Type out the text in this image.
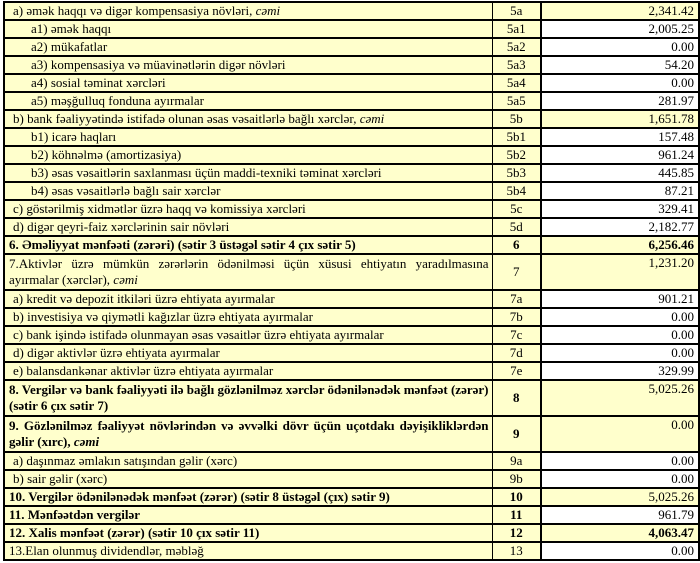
a) əmək haqqı və digər kompensasiya növləri, cəmi	5a	2,341.42
a1) əmək haqqı	5a1	2,005.25
a2) mükafatlar	5a2	0.00
a3) kompensasiya və müavinətlərin digər növləri	5a3	54.20
a4) sosial təminat xərcləri	5a4	0.00
a5) məşğulluq fonduna ayırmalar	5a5	281.97
b) bank fəaliyyətində istifadə olunan əsas vəsaitlərlə bağlı xərclər, cəmi	5b	1,651.78
b1) icarə haqları	5b1	157.48
b2) köhnəlmə (amortizasiya)	5b2	961.24
b3) əsas vəsaitlərin saxlanması üçün maddi-texniki təminat xərcləri	5b3	445.85
b4) əsas vəsaitlərlə bağlı sair xərclər	5b4	87.21
c) göstərilmiş xidmətlər üzrə haqq və komissiya xərcləri	5c	329.41
d) digər qeyri-faiz xərclərinin sair növləri	5d	2,182.77
6. Əməliyyat mənfəəti (zərəri) (sətir 3 üstəgəl sətir 4 çıx sətir 5)	6	6,256.46
7.Aktivlər üzrə mümkün zərərlərin ödənilməsi üçün xüsusi ehtiyatın yaradılmasına ayırmalar (xərclər), cəmi	7	1,231.20
a) kredit və depozit itkiləri üzrə ehtiyata ayırmalar	7a	901.21
b) investisiya və qiymətli kağızlar üzrə ehtiyata ayırmalar	7b	0.00
c) bank işində istifadə olunmayan əsas vəsaitlər üzrə ehtiyata ayırmalar	7c	0.00
d) digər aktivlər üzrə ehtiyata ayırmalar	7d	0.00
e) balansdankənar aktivlər üzrə ehtiyata ayırmalar	7e	329.99
8. Vergilər və bank fəaliyyəti ilə bağlı gözlənilməz xərclər ödənilənədək mənfəət (zərər) (sətir 6 çıx sətir 7)	8	5,025.26
9. Gözlənilməz fəaliyyət növlərindən və əvvəlki dövr üçün uçotdakı dəyişikliklərdən gəlir (xırc), cəmi	9	0.00
a) daşınmaz əmlakın satışından gəlir (xərc)	9a	0.00
b) sair gəlir (xərc)	9b	0.00
10. Vergilər ödənilənədək mənfəət (zərər) (sətir 8 üstəgəl (çıx) sətir 9)	10	5,025.26
11. Mənfəətdən vergilər	11	961.79
12. Xalis mənfəət (zərər) (sətir 10 çıx sətir 11)	12	4,063.47
13.Elan olunmuş dividendlər, məbləğ	13	0.00
